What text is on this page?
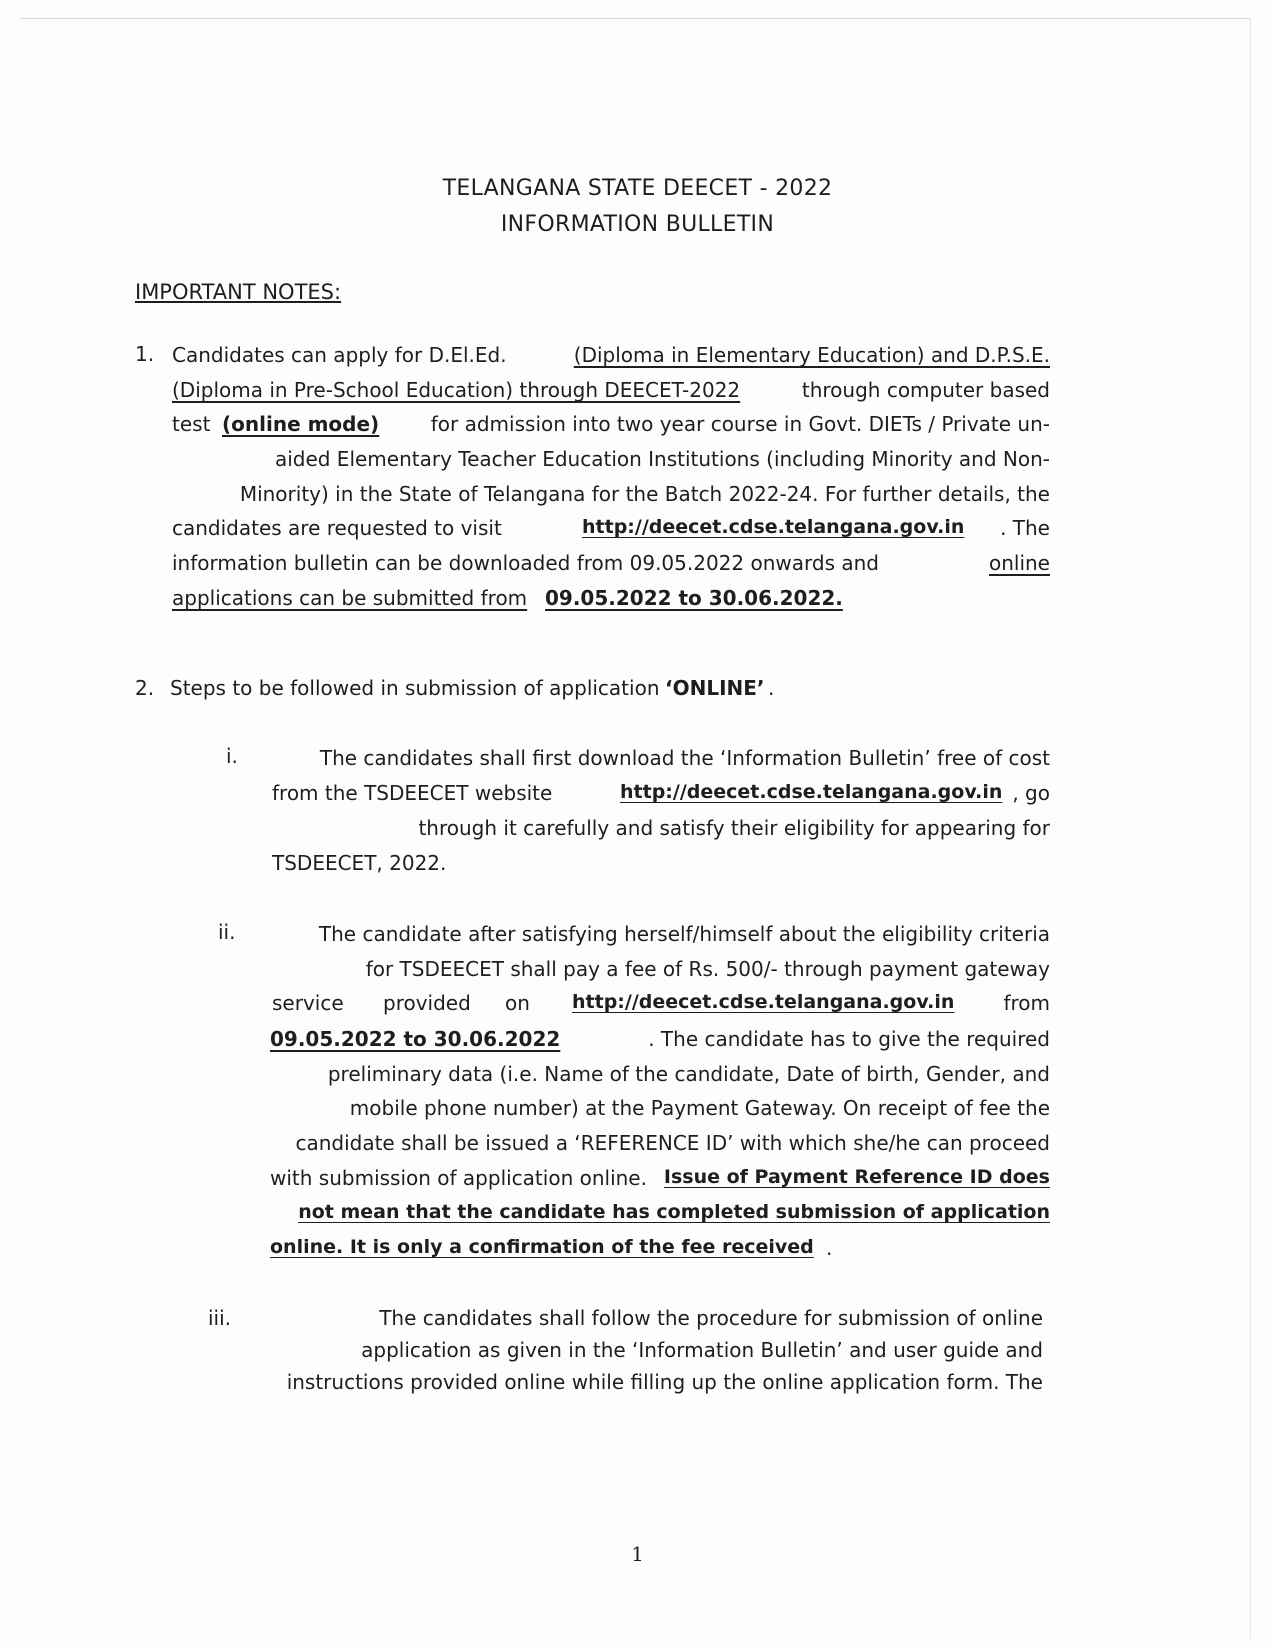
TELANGANA STATE DEECET - 2022
INFORMATION BULLETIN
IMPORTANT NOTES:
1. Candidates can apply for D.El.Ed.	(Diploma in Elementary Education) and D.P.S.E.
(Diploma in Pre-School Education) through DEECET-2022	through computer based
test (online mode)	for admission into two year course in Govt. DIETs / Private un-
aided Elementary Teacher Education Institutions (including Minority and Non-
Minority) in the State of Telangana for the Batch 2022-24. For further details, the
candidates are requested to visit	http://deecet.cdse.telangana.gov.in	. The
information bulletin can be downloaded from 09.05.2022 onwards and	online
applications can be submitted from 09.05.2022 to 30.06.2022.
2. Steps to be followed in submission of application ‘ONLINE’ .
i.	The candidates shall first download the ‘Information Bulletin’ free of cost
from the TSDEECET website	http://deecet.cdse.telangana.gov.in , go
through it carefully and satisfy their eligibility for appearing for
TSDEECET, 2022.
ii.	The candidate after satisfying herself/himself about the eligibility criteria
for TSDEECET shall pay a fee of Rs. 500/- through payment gateway
service provided on http://deecet.cdse.telangana.gov.in	from
09.05.2022 to 30.06.2022	. The candidate has to give the required
preliminary data (i.e. Name of the candidate, Date of birth, Gender, and
mobile phone number) at the Payment Gateway. On receipt of fee the
candidate shall be issued a ‘REFERENCE ID’ with which she/he can proceed
with submission of application online. Issue of Payment Reference ID does
not mean that the candidate has completed submission of application
online. It is only a confirmation of the fee received .
iii.	The candidates shall follow the procedure for submission of online
application as given in the ‘Information Bulletin’ and user guide and
instructions provided online while filling up the online application form. The
1
